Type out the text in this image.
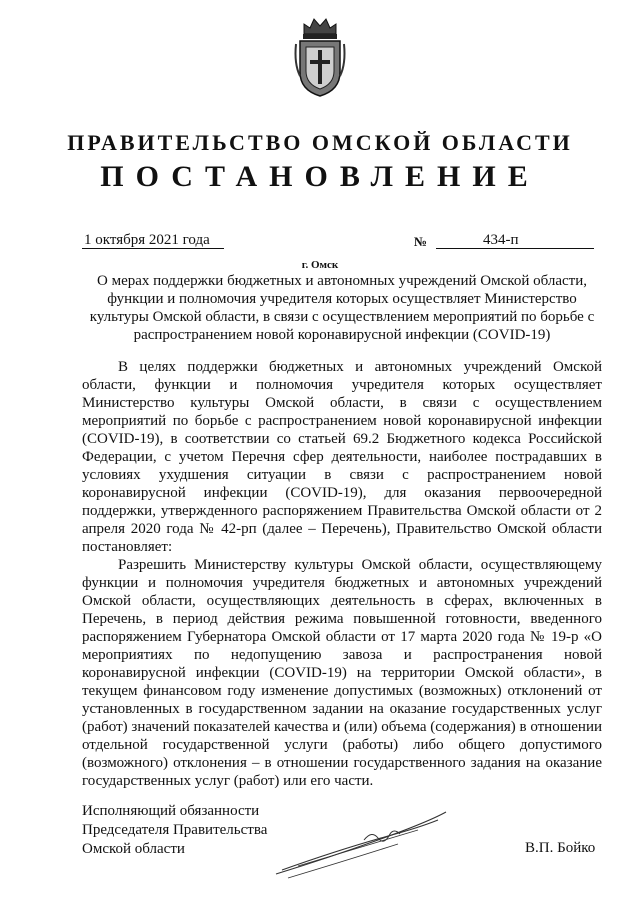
ПРАВИТЕЛЬСТВО ОМСКОЙ ОБЛАСТИ
ПОСТАНОВЛЕНИЕ
1 октября 2021 года	№	434-п
г. Омск
О мерах поддержки бюджетных и автономных учреждений Омской области, функции и полномочия учредителя которых осуществляет Министерство культуры Омской области, в связи с осуществлением мероприятий по борьбе с распространением новой коронавирусной инфекции (COVID-19)

В целях поддержки бюджетных и автономных учреждений Омской области, функции и полномочия учредителя которых осуществляет Министерство культуры Омской области, в связи с осуществлением мероприятий по борьбе с распространением новой коронавирусной инфекции (COVID-19), в соответствии со статьей 69.2 Бюджетного кодекса Российской Федерации, с учетом Перечня сфер деятельности, наиболее пострадавших в условиях ухудшения ситуации в связи с распространением новой коронавирусной инфекции (COVID-19), для оказания первоочередной поддержки, утвержденного распоряжением Правительства Омской области от 2 апреля 2020 года № 42-рп (далее – Перечень), Правительство Омской области постановляет:

Разрешить Министерству культуры Омской области, осуществляющему функции и полномочия учредителя бюджетных и автономных учреждений Омской области, осуществляющих деятельность в сферах, включенных в Перечень, в период действия режима повышенной готовности, введенного распоряжением Губернатора Омской области от 17 марта 2020 года № 19-р «О мероприятиях по недопущению завоза и распространения новой коронавирусной инфекции (COVID-19) на территории Омской области», в текущем финансовом году изменение допустимых (возможных) отклонений от установленных в государственном задании на оказание государственных услуг (работ) значений показателей качества и (или) объема (содержания) в отношении отдельной государственной услуги (работы) либо общего допустимого (возможного) отклонения – в отношении государственного задания на оказание государственных услуг (работ) или его части.

Исполняющий обязанности
Председателя Правительства
Омской области	В.П. Бойко
